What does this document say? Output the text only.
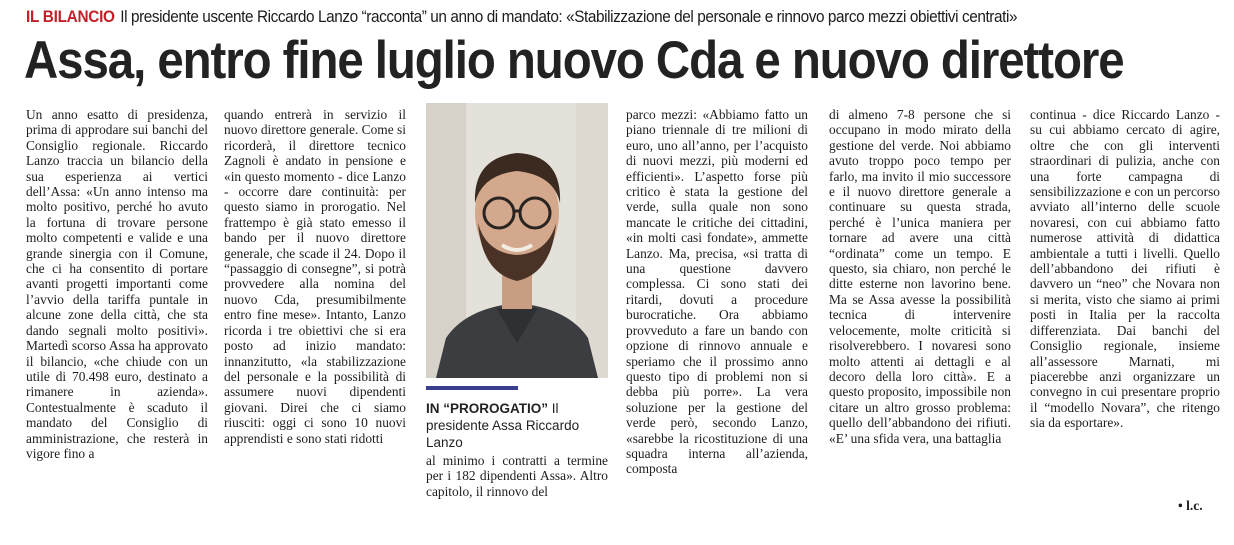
IL BILANCIO Il presidente uscente Riccardo Lanzo “racconta” un anno di mandato: «Stabilizzazione del personale e rinnovo parco mezzi obiettivi centrati»
Assa, entro fine luglio nuovo Cda e nuovo direttore

Un anno esatto di presidenza, prima di approdare sui banchi del Consiglio regionale. Riccardo Lanzo traccia un bilancio della sua esperienza ai vertici dell’Assa: «Un anno intenso ma molto positivo, perché ho avuto la fortuna di trovare persone molto competenti e valide e una grande sinergia con il Comune, che ci ha consentito di portare avanti progetti importanti come l’avvio della tariffa puntale in alcune zone della città, che sta dando segnali molto positivi». Martedì scorso Assa ha approvato il bilancio, «che chiude con un utile di 70.498 euro, destinato a rimanere in azienda». Contestualmente è scaduto il mandato del Consiglio di amministrazione, che resterà in vigore fino a

quando entrerà in servizio il nuovo direttore generale. Come si ricorderà, il direttore tecnico Zagnoli è andato in pensione e «in questo momento - dice Lanzo - occorre dare continuità: per questo siamo in prorogatio. Nel frattempo è già stato emesso il bando per il nuovo direttore generale, che scade il 24. Dopo il “passaggio di consegne”, si potrà provvedere alla nomina del nuovo Cda, presumibilmente entro fine mese». Intanto, Lanzo ricorda i tre obiettivi che si era posto ad inizio mandato: innanzitutto, «la stabilizzazione del personale e la possibilità di assumere nuovi dipendenti giovani. Direi che ci siamo riusciti: oggi ci sono 10 nuovi apprendisti e sono stati ridotti

al minimo i contratti a termine per i 182 dipendenti Assa». Altro capitolo, il rinnovo del

IN “PROROGATIO” Il presidente Assa Riccardo Lanzo

parco mezzi: «Abbiamo fatto un piano triennale di tre milioni di euro, uno all’anno, per l’acquisto di nuovi mezzi, più moderni ed efficienti». L’aspetto forse più critico è stata la gestione del verde, sulla quale non sono mancate le critiche dei cittadini, «in molti casi fondate», ammette Lanzo. Ma, precisa, «si tratta di una questione davvero complessa. Ci sono stati dei ritardi, dovuti a procedure burocratiche. Ora abbiamo provveduto a fare un bando con opzione di rinnovo annuale e speriamo che il prossimo anno questo tipo di problemi non si debba più porre». La vera soluzione per la gestione del verde però, secondo Lanzo, «sarebbe la ricostituzione di una squadra interna all’azienda, composta

di almeno 7-8 persone che si occupano in modo mirato della gestione del verde. Noi abbiamo avuto troppo poco tempo per farlo, ma invito il mio successore e il nuovo direttore generale a continuare su questa strada, perché è l’unica maniera per tornare ad avere una città “ordinata” come un tempo. E questo, sia chiaro, non perché le ditte esterne non lavorino bene. Ma se Assa avesse la possibilità tecnica di intervenire velocemente, molte criticità si risolverebbero. I novaresi sono molto attenti ai dettagli e al decoro della loro città». E a questo proposito, impossibile non citare un altro grosso problema: quello dell’abbandono dei rifiuti. «E’ una sfida vera, una battaglia

continua - dice Riccardo Lanzo - su cui abbiamo cercato di agire, oltre che con gli interventi straordinari di pulizia, anche con una forte campagna di sensibilizzazione e con un percorso avviato all’interno delle scuole novaresi, con cui abbiamo fatto numerose attività di didattica ambientale a tutti i livelli. Quello dell’abbandono dei rifiuti è davvero un “neo” che Novara non si merita, visto che siamo ai primi posti in Italia per la raccolta differenziata. Dai banchi del Consiglio regionale, insieme all’assessore Marnati, mi piacerebbe anzi organizzare un convegno in cui presentare proprio il “modello Novara”, che ritengo sia da esportare».

• l.c.
